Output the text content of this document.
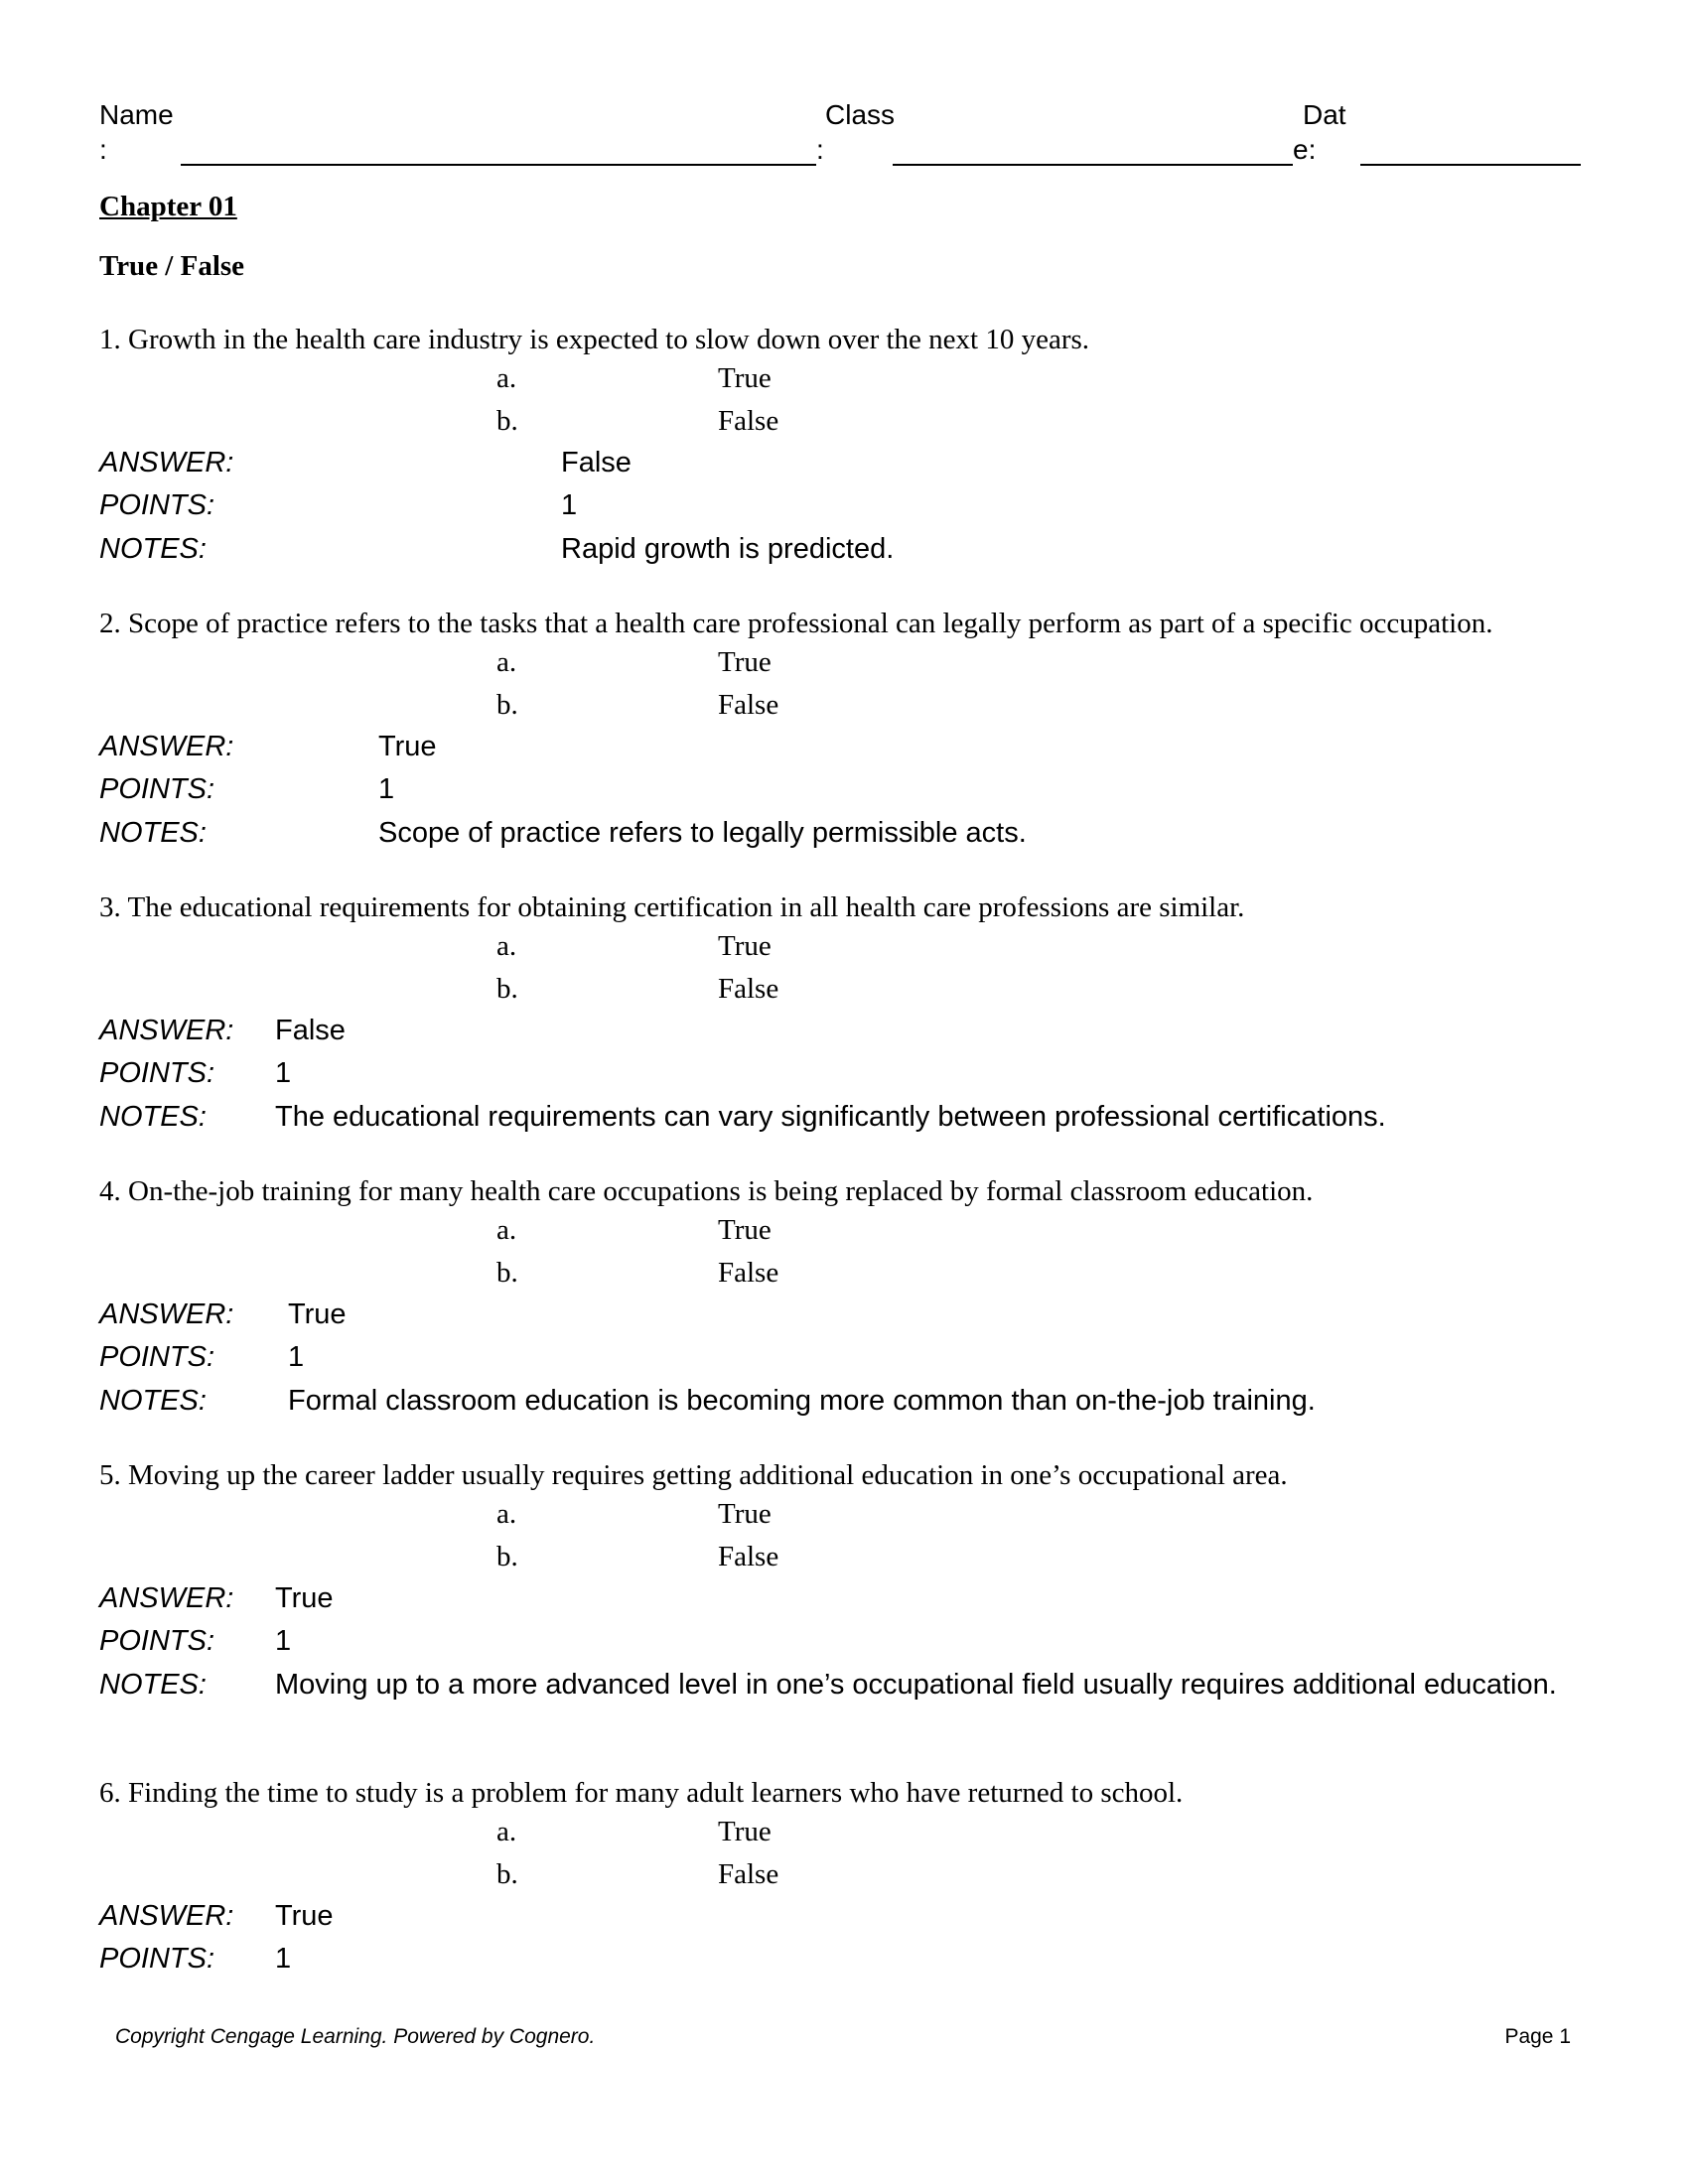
Name
:
Class
:
Dat
e:
Chapter 01
True / False
1. Growth in the health care industry is expected to slow down over the next 10 years.
a.	True
b.	False
ANSWER:	False
POINTS:	1
NOTES:	Rapid growth is predicted.
2. Scope of practice refers to the tasks that a health care professional can legally perform as part of a specific occupation.
a.	True
b.	False
ANSWER:	True
POINTS:	1
NOTES:	Scope of practice refers to legally permissible acts.
3. The educational requirements for obtaining certification in all health care professions are similar.
a.	True
b.	False
ANSWER: False
POINTS: 1
NOTES: The educational requirements can vary significantly between professional certifications.
4. On-the-job training for many health care occupations is being replaced by formal classroom education.
a.	True
b.	False
ANSWER: True
POINTS:	1
NOTES:	Formal classroom education is becoming more common than on-the-job training.
5. Moving up the career ladder usually requires getting additional education in one’s occupational area.
a.	True
b.	False
ANSWER: True
POINTS: 1
NOTES: Moving up to a more advanced level in one’s occupational field usually requires additional education.
6. Finding the time to study is a problem for many adult learners who have returned to school.
a.	True
b.	False
ANSWER: True
POINTS: 1
Copyright Cengage Learning. Powered by Cognero.	Page 1
